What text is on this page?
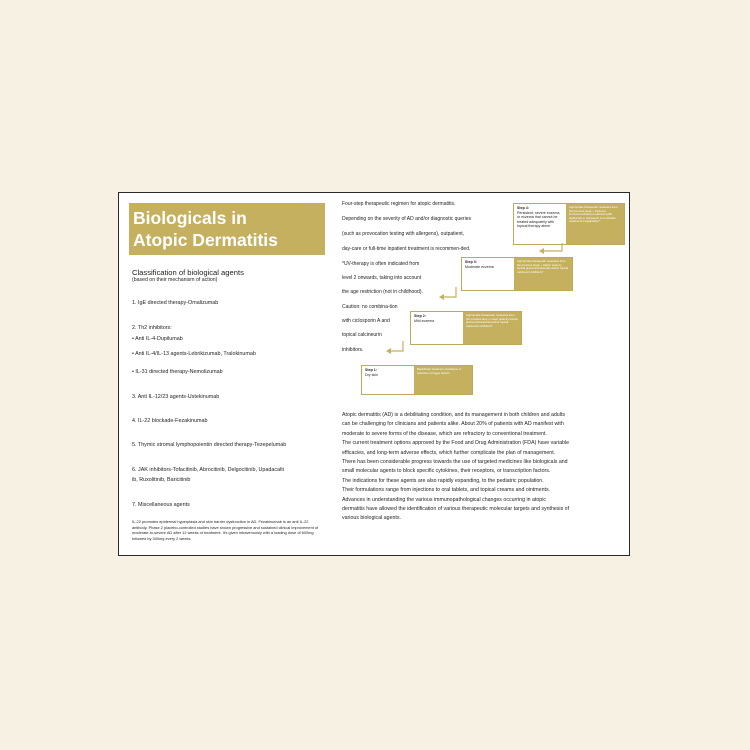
Biologicals in
Atopic Dermatitis
Classification of biological agents
(based on their mechanism of action)
1. IgE directed therapy-Omalizumab
2. Th2 inhibitors:
• Anti IL-4-Dupilumab
• Anti IL-4/IL-13 agents-Lebrikizumab, Tralokinumab
• IL-31 directed therapy-Nemolizumab
3. Anti IL-12/23 agents-Ustekinumab
4. IL-22 blockade-Fezakinumab
5. Thymic stromal lymphopoientin directed therapy-Tezepelumab
6. JAK inhibitors-Tofacitinib, Abrocitinib, Delgocitinib, Upadacalti
ib, Ruxolitinib, Baricitinib
7. Miscellaneous agents
IL-22 promotes epidermal hyperplasia and skin barrier dysfunction in AD. Fezakinumab is an anti IL-22 antibody. Phase 2 placebo-controlled studies have shown progressive and sustained clinical improvement of moderate-to-severe AD after 12 weeks of treatment. It's given intravenously with a loading dose of 600mg followed by 300mg every 2 weeks.
Four-step therapeutic regimen for atopic dermatitis.
Depending on the severity of AD and/or diagnostic queries
(such as provocation testing with allergens), outpatient,
day-care or full-time inpatient treatment is recommen-ded.
*UV-therapy is often indicated from
level 2 onwards, taking into account
the age restriction (not in childhood).
Caution: no combina-tion
with ciclosporin A and
topical calcineurin
inhibitors.
Step 4:
Persistent, severe eczema, or eczema that cannot be treated adequately with topical therapy alone
Appropriate therapeutic measures from the previous steps + Systemic immunomodulatory treatment (with dupilumab or ciclosporin A or off-label treatments if applicable)*
Step 3:
Moderate eczema
Appropriate therapeutic measures from the previous steps + Higher potency topical glucocorticosteroids and/or topical calcineurin inhibitors*
Step 2:
Mild eczema
Appropriate therapeutic measures from the previous step + Lower potency topical glucocorticosteroids and/or topical calcineurin inhibitors*
Step 1:
Dry skin
Basic/basic treatment. Avoidance or reduction of trigger factors
Atopic dermatitis (AD) is a debilitating condition, and its management in both children and adults
can be challenging for clinicians and patients alike. About 20% of patients with AD manifest with
moderate to severe forms of the disease, which are refractory to conventional treatment.
The current treatment options approved by the Food and Drug Administration (FDA) have variable
efficacies, and long-term adverse effects, which further complicate the plan of management.
There has been considerable progress towards the use of targeted medicines like biologicals and
small molecular agents to block specific cytokines, their receptors, or transcription factors.
The indications for these agents are also rapidly expanding, to the pediatric population.
Their formulations range from injections to oral tablets, and topical creams and ointments.
Advances in understanding the various immunopathological changes occurring in atopic
dermatitis have allowed the identification of various therapeutic molecular targets and synthesis of
various biological agents.
